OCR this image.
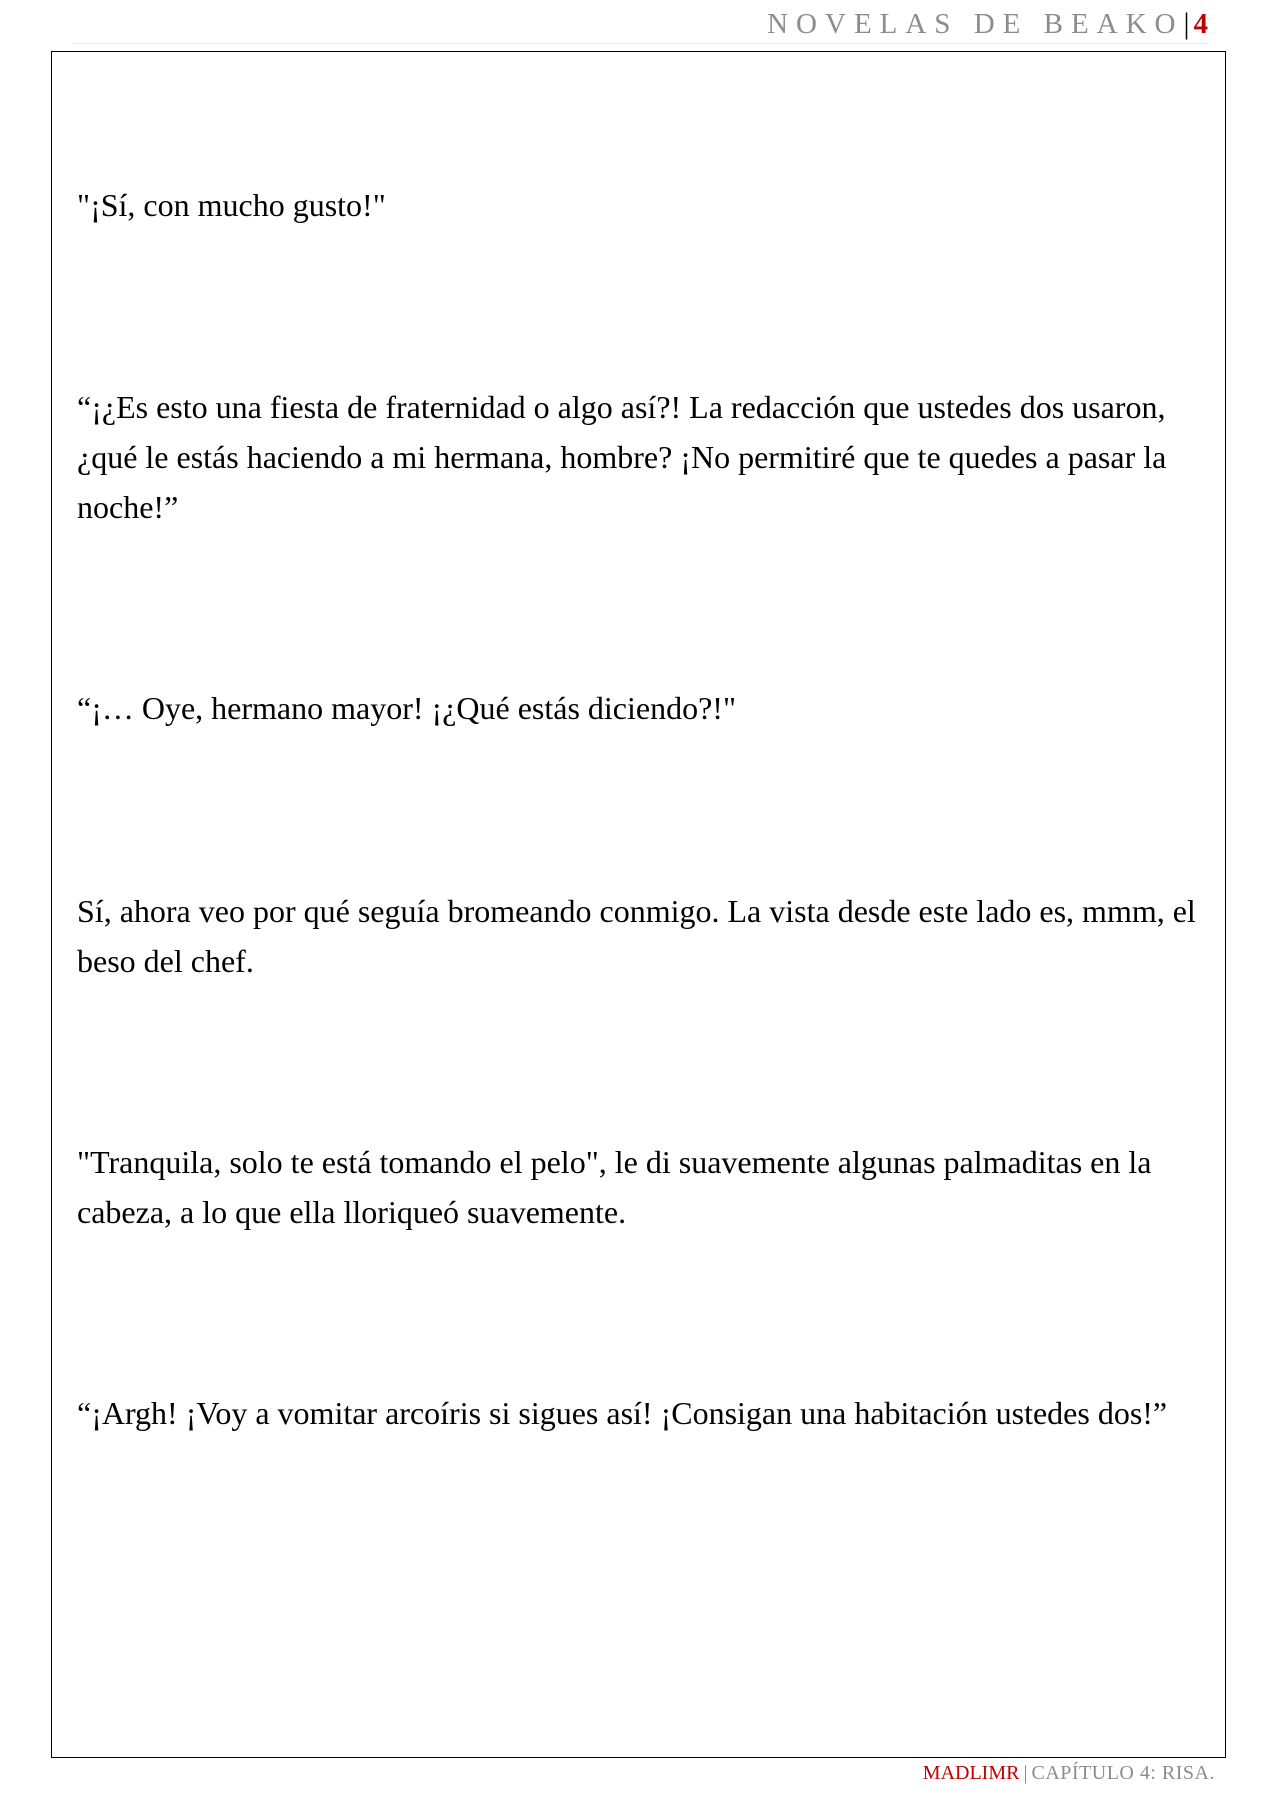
NOVELAS DE BEAKO | 4

"¡Sí, con mucho gusto!"

“¡¿Es esto una fiesta de fraternidad o algo así?! La redacción que ustedes dos usaron, ¿qué le estás haciendo a mi hermana, hombre? ¡No permitiré que te quedes a pasar la noche!”

“¡… Oye, hermano mayor! ¡¿Qué estás diciendo?!"

Sí, ahora veo por qué seguía bromeando conmigo. La vista desde este lado es, mmm, el beso del chef.

"Tranquila, solo te está tomando el pelo", le di suavemente algunas palmaditas en la cabeza, a lo que ella lloriqueó suavemente.

“¡Argh! ¡Voy a vomitar arcoíris si sigues así! ¡Consigan una habitación ustedes dos!”

MADLIMR | CAPÍTULO 4: RISA.
